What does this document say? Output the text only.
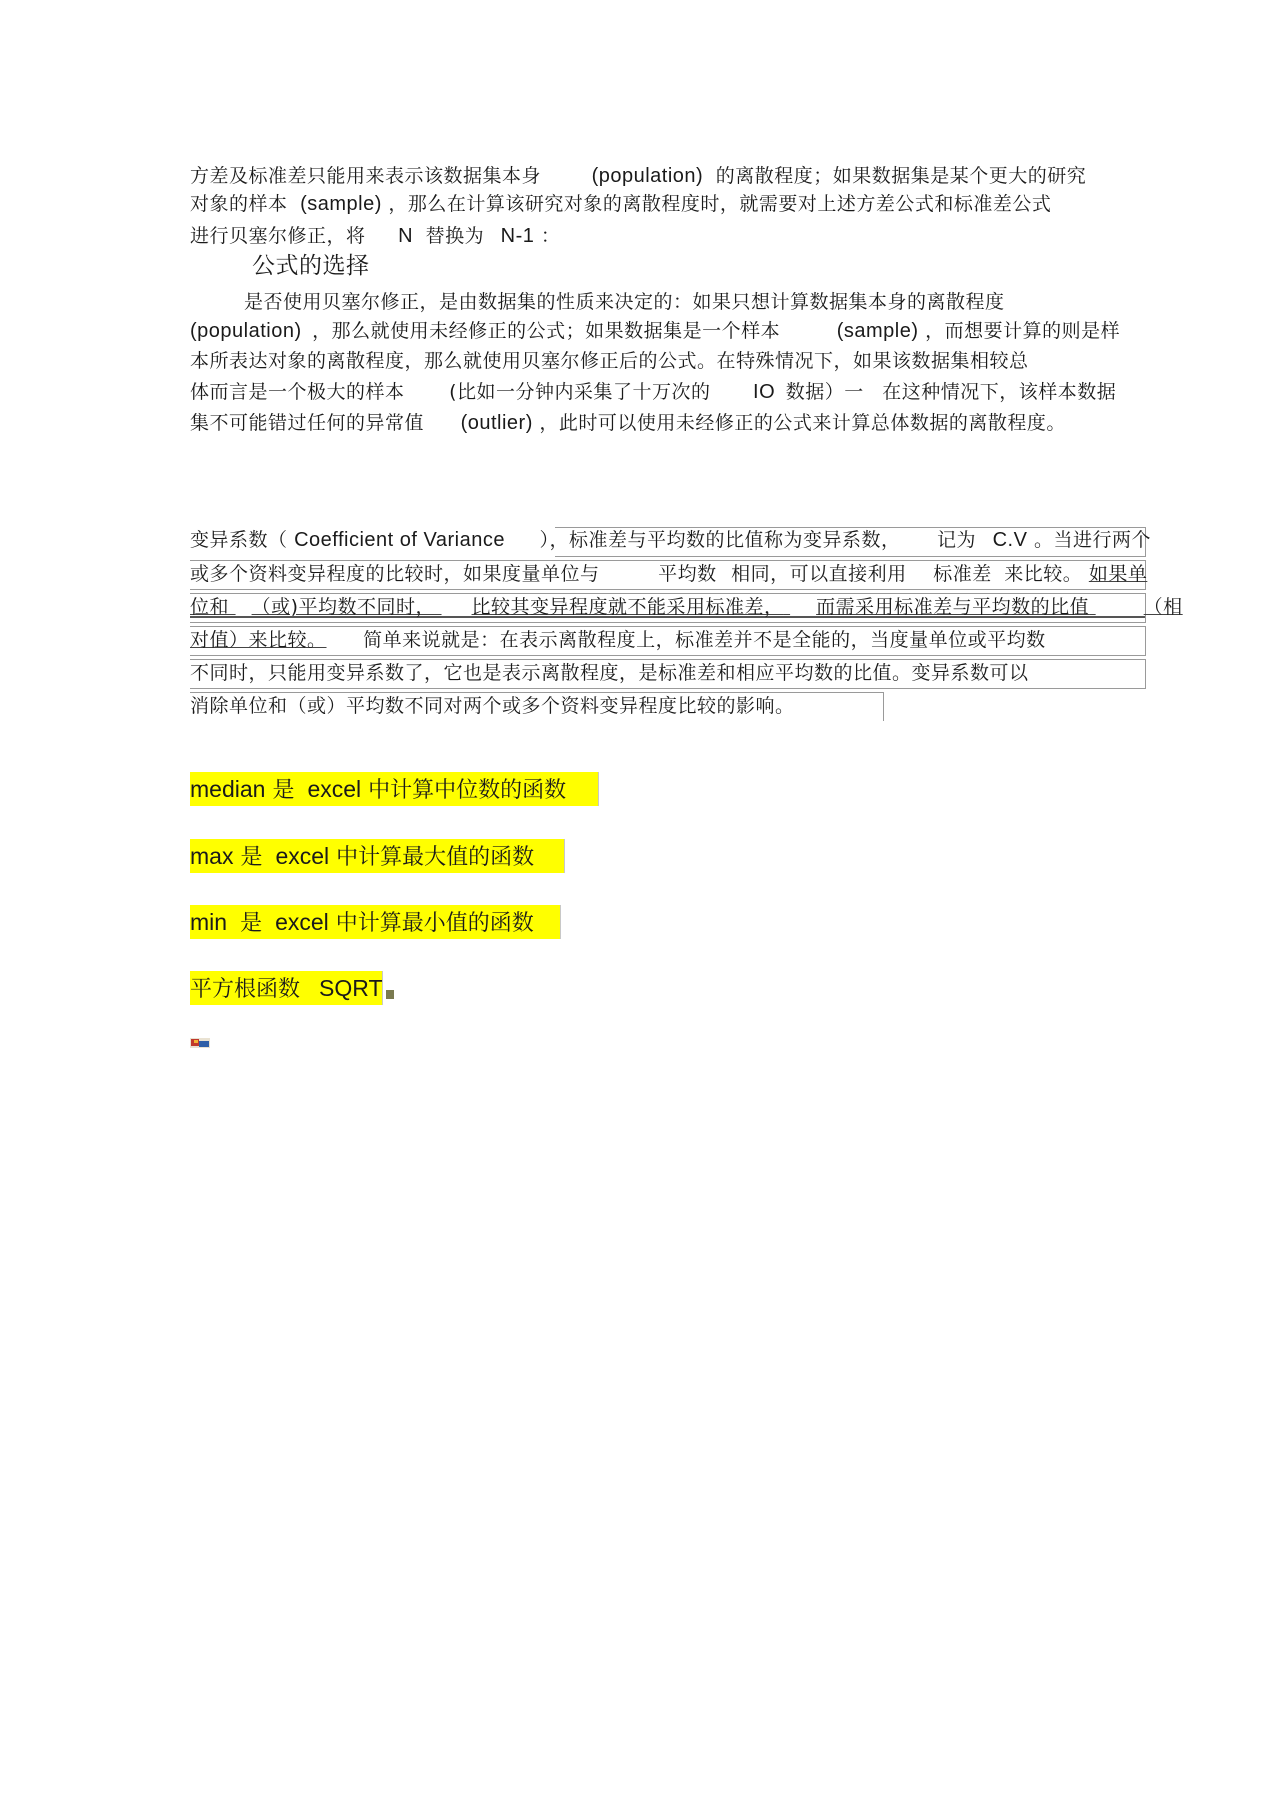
方差及标准差只能用来表示该数据集本身	(population) 的离散程度；如果数据集是某个更大的研究
对象的样本 (sample) ，那么在计算该研究对象的离散程度时，就需要对上述方差公式和标准差公式
进行贝塞尔修正，将 N 替换为 N-1 ：
公式的选择
是否使用贝塞尔修正，是由数据集的性质来决定的：如果只想计算数据集本身的离散程度
(population) ，那么就使用未经修正的公式；如果数据集是一个样本	(sample) ，而想要计算的则是样
本所表达对象的离散程度，那么就使用贝塞尔修正后的公式。在特殊情况下，如果该数据集相较总
体而言是一个极大的样本 (比如一分钟内采集了十万次的 IO 数据）一 在这种情况下，该样本数据
集不可能错过任何的异常值 (outlier) ，此时可以使用未经修正的公式来计算总体数据的离散程度。
变异系数（ Coefficient of Variance ），标准差与平均数的比值称为变异系数， 记为 C.V 。当进行两个
或多个资料变异程度的比较时，如果度量单位与	平均数 相同，可以直接利用 标准差 来比较。 如果单
位和 （或)平均数不同时， 比较其变异程度就不能采用标准差， 而需采用标准差与平均数的比值	（相
对值）来比较。 简单来说就是：在表示离散程度上，标准差并不是全能的，当度量单位或平均数
不同时，只能用变异系数了，它也是表示离散程度，是标准差和相应平均数的比值。变异系数可以
消除单位和（或）平均数不同对两个或多个资料变异程度比较的影响。
median 是 excel 中计算中位数的函数
max 是 excel 中计算最大值的函数
min 是 excel 中计算最小值的函数
平方根函数 SQRT
